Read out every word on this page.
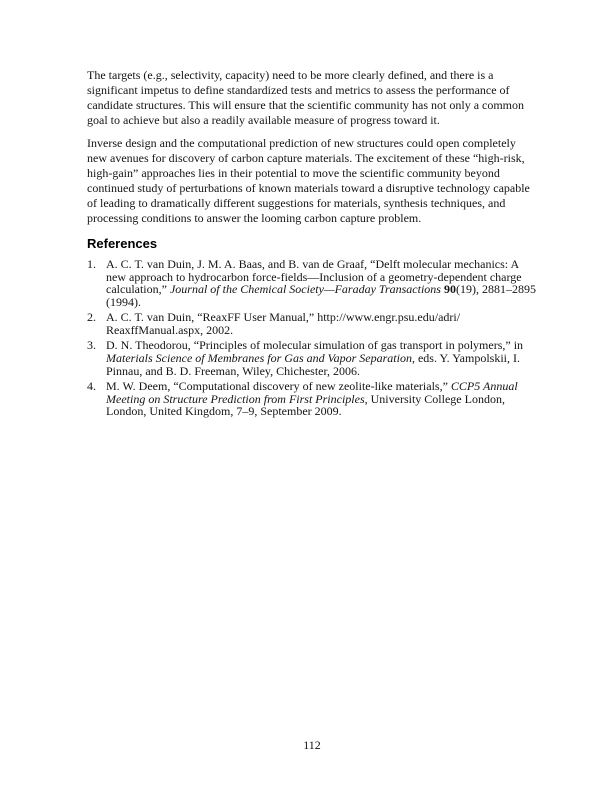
The targets (e.g., selectivity, capacity) need to be more clearly defined, and there is a significant impetus to define standardized tests and metrics to assess the performance of candidate structures. This will ensure that the scientific community has not only a common goal to achieve but also a readily available measure of progress toward it.

Inverse design and the computational prediction of new structures could open completely new avenues for discovery of carbon capture materials. The excitement of these “high-risk, high-gain” approaches lies in their potential to move the scientific community beyond continued study of perturbations of known materials toward a disruptive technology capable of leading to dramatically different suggestions for materials, synthesis techniques, and processing conditions to answer the looming carbon capture problem.

References
1. A. C. T. van Duin, J. M. A. Baas, and B. van de Graaf, “Delft molecular mechanics: A new approach to hydrocarbon force-fields—Inclusion of a geometry-dependent charge calculation,” Journal of the Chemical Society—Faraday Transactions 90(19), 2881–2895 (1994).
2. A. C. T. van Duin, “ReaxFF User Manual,” http://www.engr.psu.edu/adri/
ReaxffManual.aspx, 2002.
3. D. N. Theodorou, “Principles of molecular simulation of gas transport in polymers,” in Materials Science of Membranes for Gas and Vapor Separation, eds. Y. Yampolskii, I. Pinnau, and B. D. Freeman, Wiley, Chichester, 2006.
4. M. W. Deem, “Computational discovery of new zeolite-like materials,” CCP5 Annual Meeting on Structure Prediction from First Principles, University College London, London, United Kingdom, 7–9, September 2009.
112
